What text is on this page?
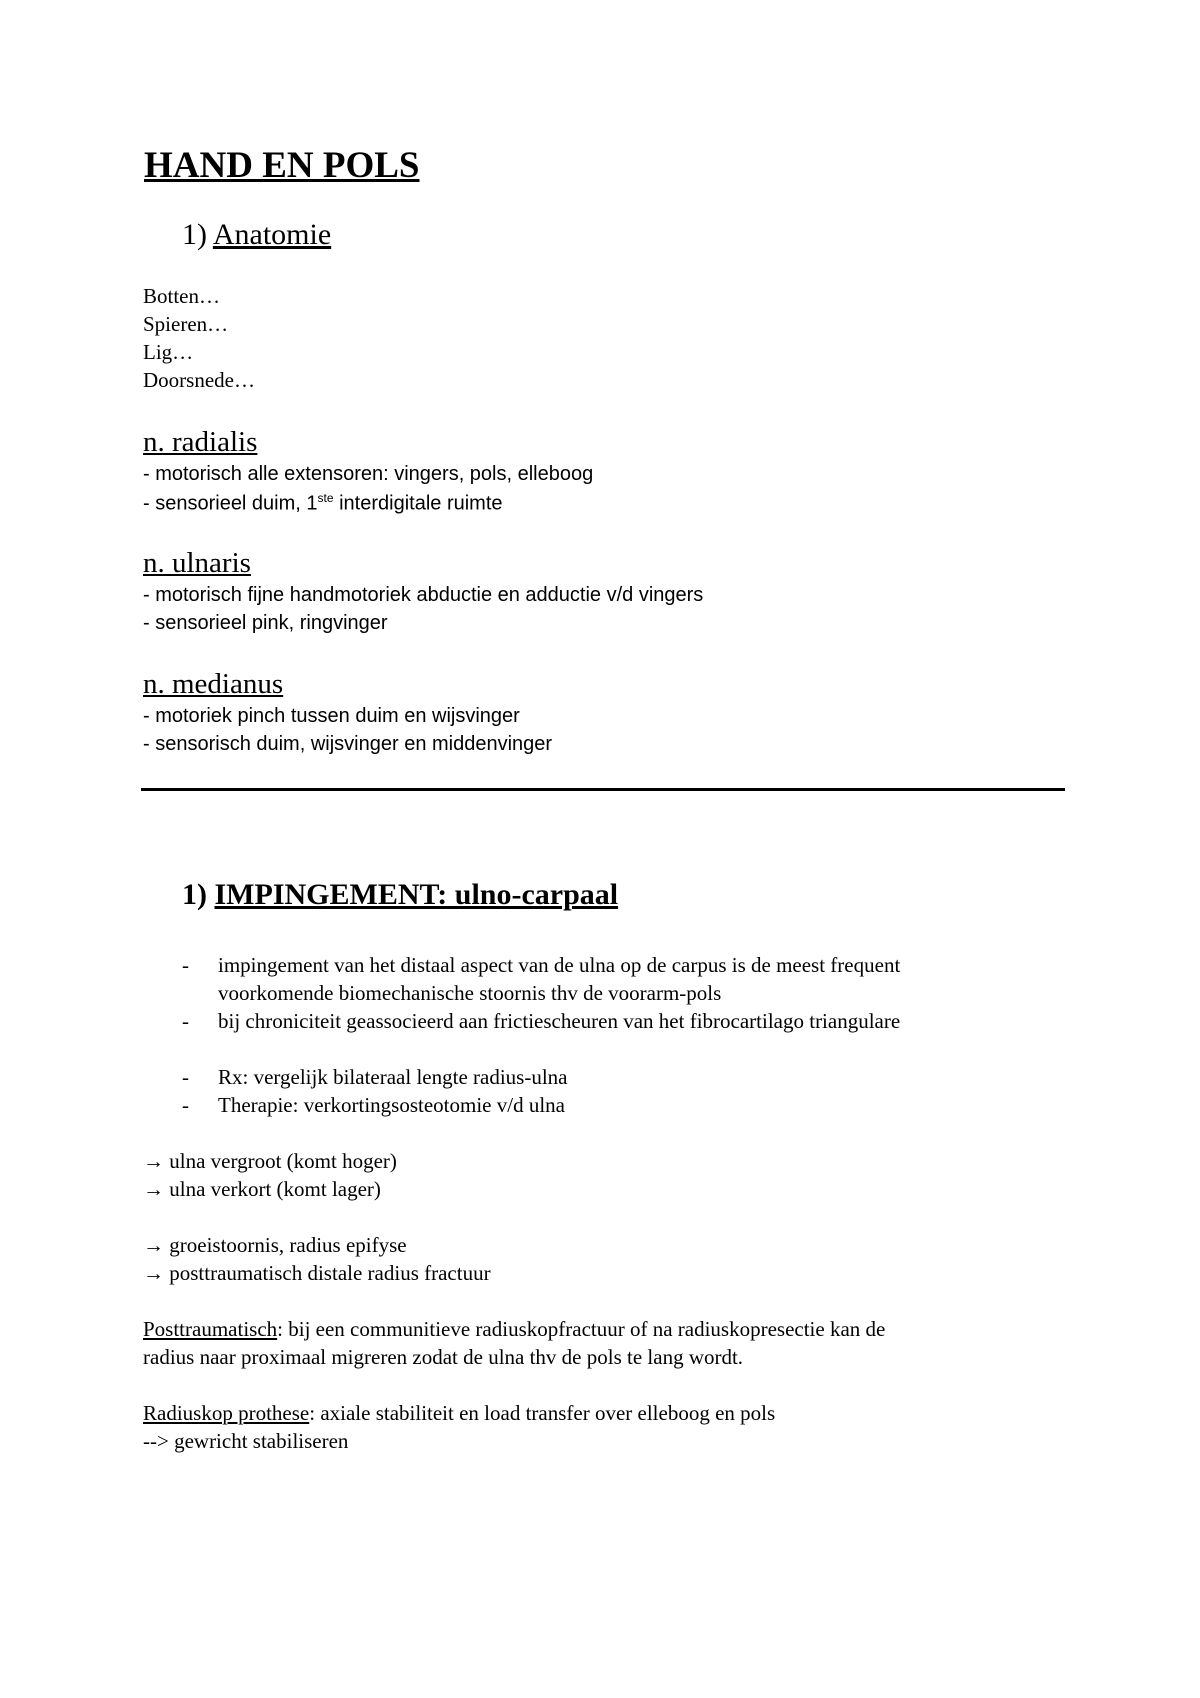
HAND EN POLS
1) Anatomie
Botten…
Spieren…
Lig…
Doorsnede…
n. radialis
- motorisch alle extensoren: vingers, pols, elleboog
- sensorieel duim, 1ste interdigitale ruimte
n. ulnaris
- motorisch fijne handmotoriek abductie en adductie v/d vingers
- sensorieel pink, ringvinger
n. medianus
- motoriek pinch tussen duim en wijsvinger
- sensorisch duim, wijsvinger en middenvinger
1) IMPINGEMENT: ulno-carpaal
- impingement van het distaal aspect van de ulna op de carpus is de meest frequent
voorkomende biomechanische stoornis thv de voorarm-pols
- bij chroniciteit geassocieerd aan frictiescheuren van het fibrocartilago triangulare
- Rx: vergelijk bilateraal lengte radius-ulna
- Therapie: verkortingsosteotomie v/d ulna
→ ulna vergroot (komt hoger)
→ ulna verkort (komt lager)
→ groeistoornis, radius epifyse
→ posttraumatisch distale radius fractuur
Posttraumatisch: bij een communitieve radiuskopfractuur of na radiuskopresectie kan de
radius naar proximaal migreren zodat de ulna thv de pols te lang wordt.
Radiuskop prothese: axiale stabiliteit en load transfer over elleboog en pols
--> gewricht stabiliseren
